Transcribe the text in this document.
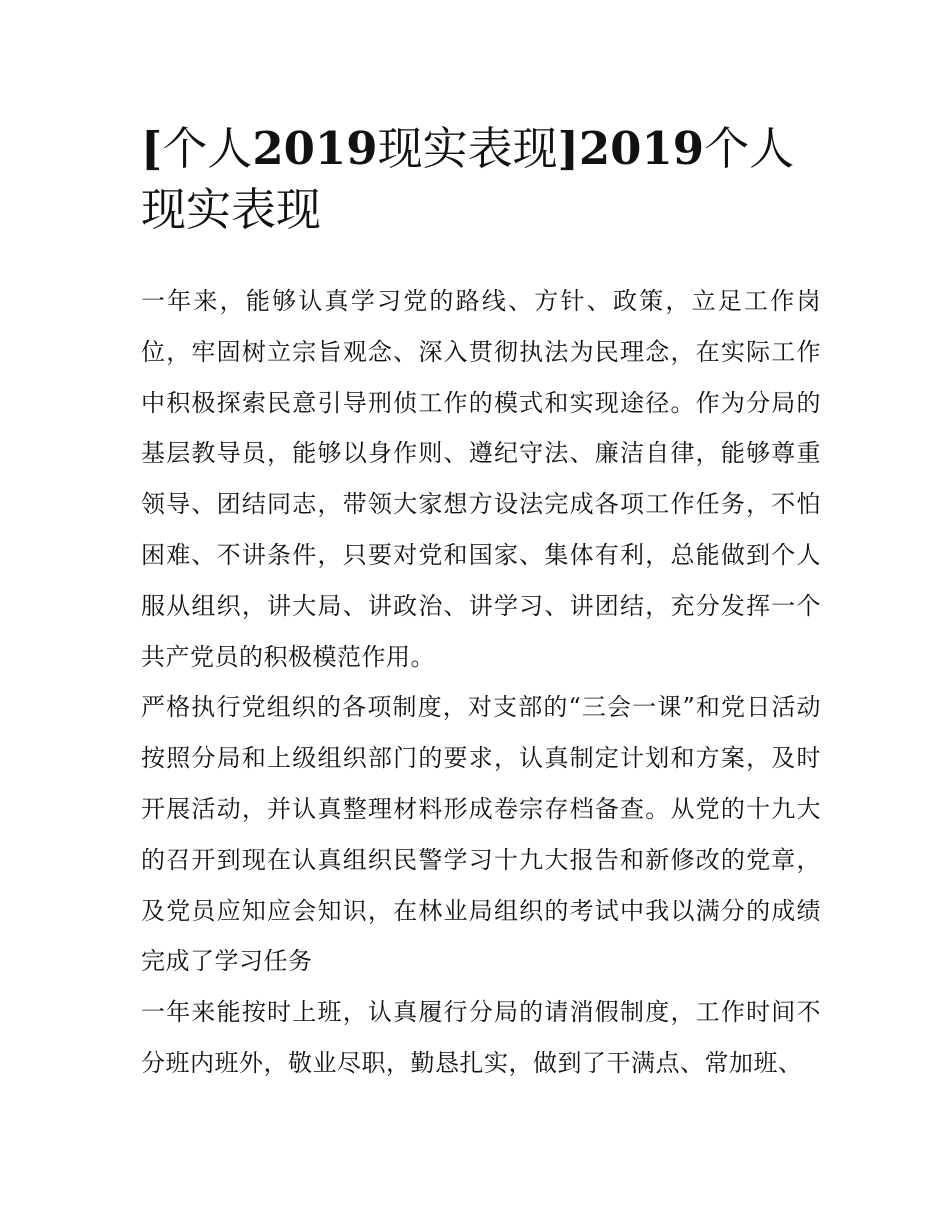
[个人2019现实表现]2019个人现实表现

一年来，能够认真学习党的路线、方针、政策，立足工作岗位，牢固树立宗旨观念、深入贯彻执法为民理念，在实际工作中积极探索民意引导刑侦工作的模式和实现途径。作为分局的基层教导员，能够以身作则、遵纪守法、廉洁自律，能够尊重领导、团结同志，带领大家想方设法完成各项工作任务，不怕困难、不讲条件，只要对党和国家、集体有利，总能做到个人服从组织，讲大局、讲政治、讲学习、讲团结，充分发挥一个共产党员的积极模范作用。

严格执行党组织的各项制度，对支部的“三会一课”和党日活动按照分局和上级组织部门的要求，认真制定计划和方案，及时开展活动，并认真整理材料形成卷宗存档备查。从党的十九大的召开到现在认真组织民警学习十九大报告和新修改的党章，及党员应知应会知识，在林业局组织的考试中我以满分的成绩完成了学习任务

一年来能按时上班，认真履行分局的请消假制度，工作时间不分班内班外，敬业尽职，勤恳扎实，做到了干满点、常加班、
